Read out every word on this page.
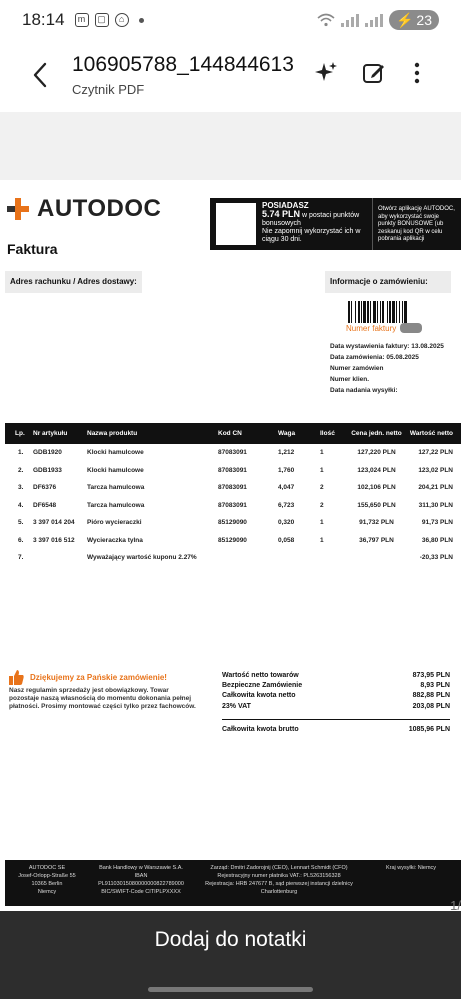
18:14	m	▢	⌂	⚡ 23
106905788_144844613
Czytnik PDF
AUTODOC	POSIADASZ
5.74 PLN w postaci punktów bonusowych
Nie zapomnij wykorzystać ich w ciągu 30 dni.
Otwórz aplikację AUTODOC, aby wykorzystać swoje punkty BONUSOWE (ub zeskanuj kod QR w celu pobrania aplikacji
Faktura
Adres rachunku / Adres dostawy:	Informacje o zamówieniu:
Numer faktury
Data wystawienia faktury: 13.08.2025
Data zamówienia: 05.08.2025
Numer zamówien
Numer klien.
Data nadania wysyłki:
Lp.	Nr artykułu	Nazwa produktu	Kod CN	Waga	Ilość	Cena jedn. netto	Wartość netto
1.	GDB1920	Klocki hamulcowe	87083091	1,212	1	127,220 PLN	127,22 PLN
2.	GDB1933	Klocki hamulcowe	87083091	1,760	1	123,024 PLN	123,02 PLN
3.	DF6376	Tarcza hamulcowa	87083091	4,047	2	102,106 PLN	204,21 PLN
4.	DF6548	Tarcza hamulcowa	87083091	6,723	2	155,650 PLN	311,30 PLN
5.	3 397 014 204	Pióro wycieraczki	85129090	0,320	1	91,732 PLN	91,73 PLN
6.	3 397 016 512	Wycieraczka tylna	85129090	0,058	1	36,797 PLN	36,80 PLN
7.		Wyważający wartość kuponu 2.27%					-20,33 PLN
Dziękujemy za Pańskie zamówienie!
Nasz regulamin sprzedaży jest obowiązkowy. Towar pozostaje naszą własnością do momentu dokonania pełnej płatności. Prosimy montować części tylko przez fachowców.
Wartość netto towarów	873,95 PLN
Bezpieczne Zamówienie	8,93 PLN
Całkowita kwota netto	882,88 PLN
23% VAT	203,08 PLN
Całkowita kwota brutto	1085,96 PLN
AUTODOC SE
Josef-Orlopp-Straße 55
10365 Berlin
Niemcy
Bank Handlowy w Warszawie S.A.
IBAN
PL91103015080000000822789000
BIC/SWIFT-Code CITIPLPXXXX
Zarząd: Dmitri Zadorojnij (CEO), Lennart Schmidt (CFO)
Rejestracyjny numer płatnika VAT.: PL5263156328
Rejestracja: HRB 247677 B, sąd pierwszej instancji dzielnicy
Charlottenburg
Kraj wysyłki: Niemcy
1/
Dodaj do notatki
